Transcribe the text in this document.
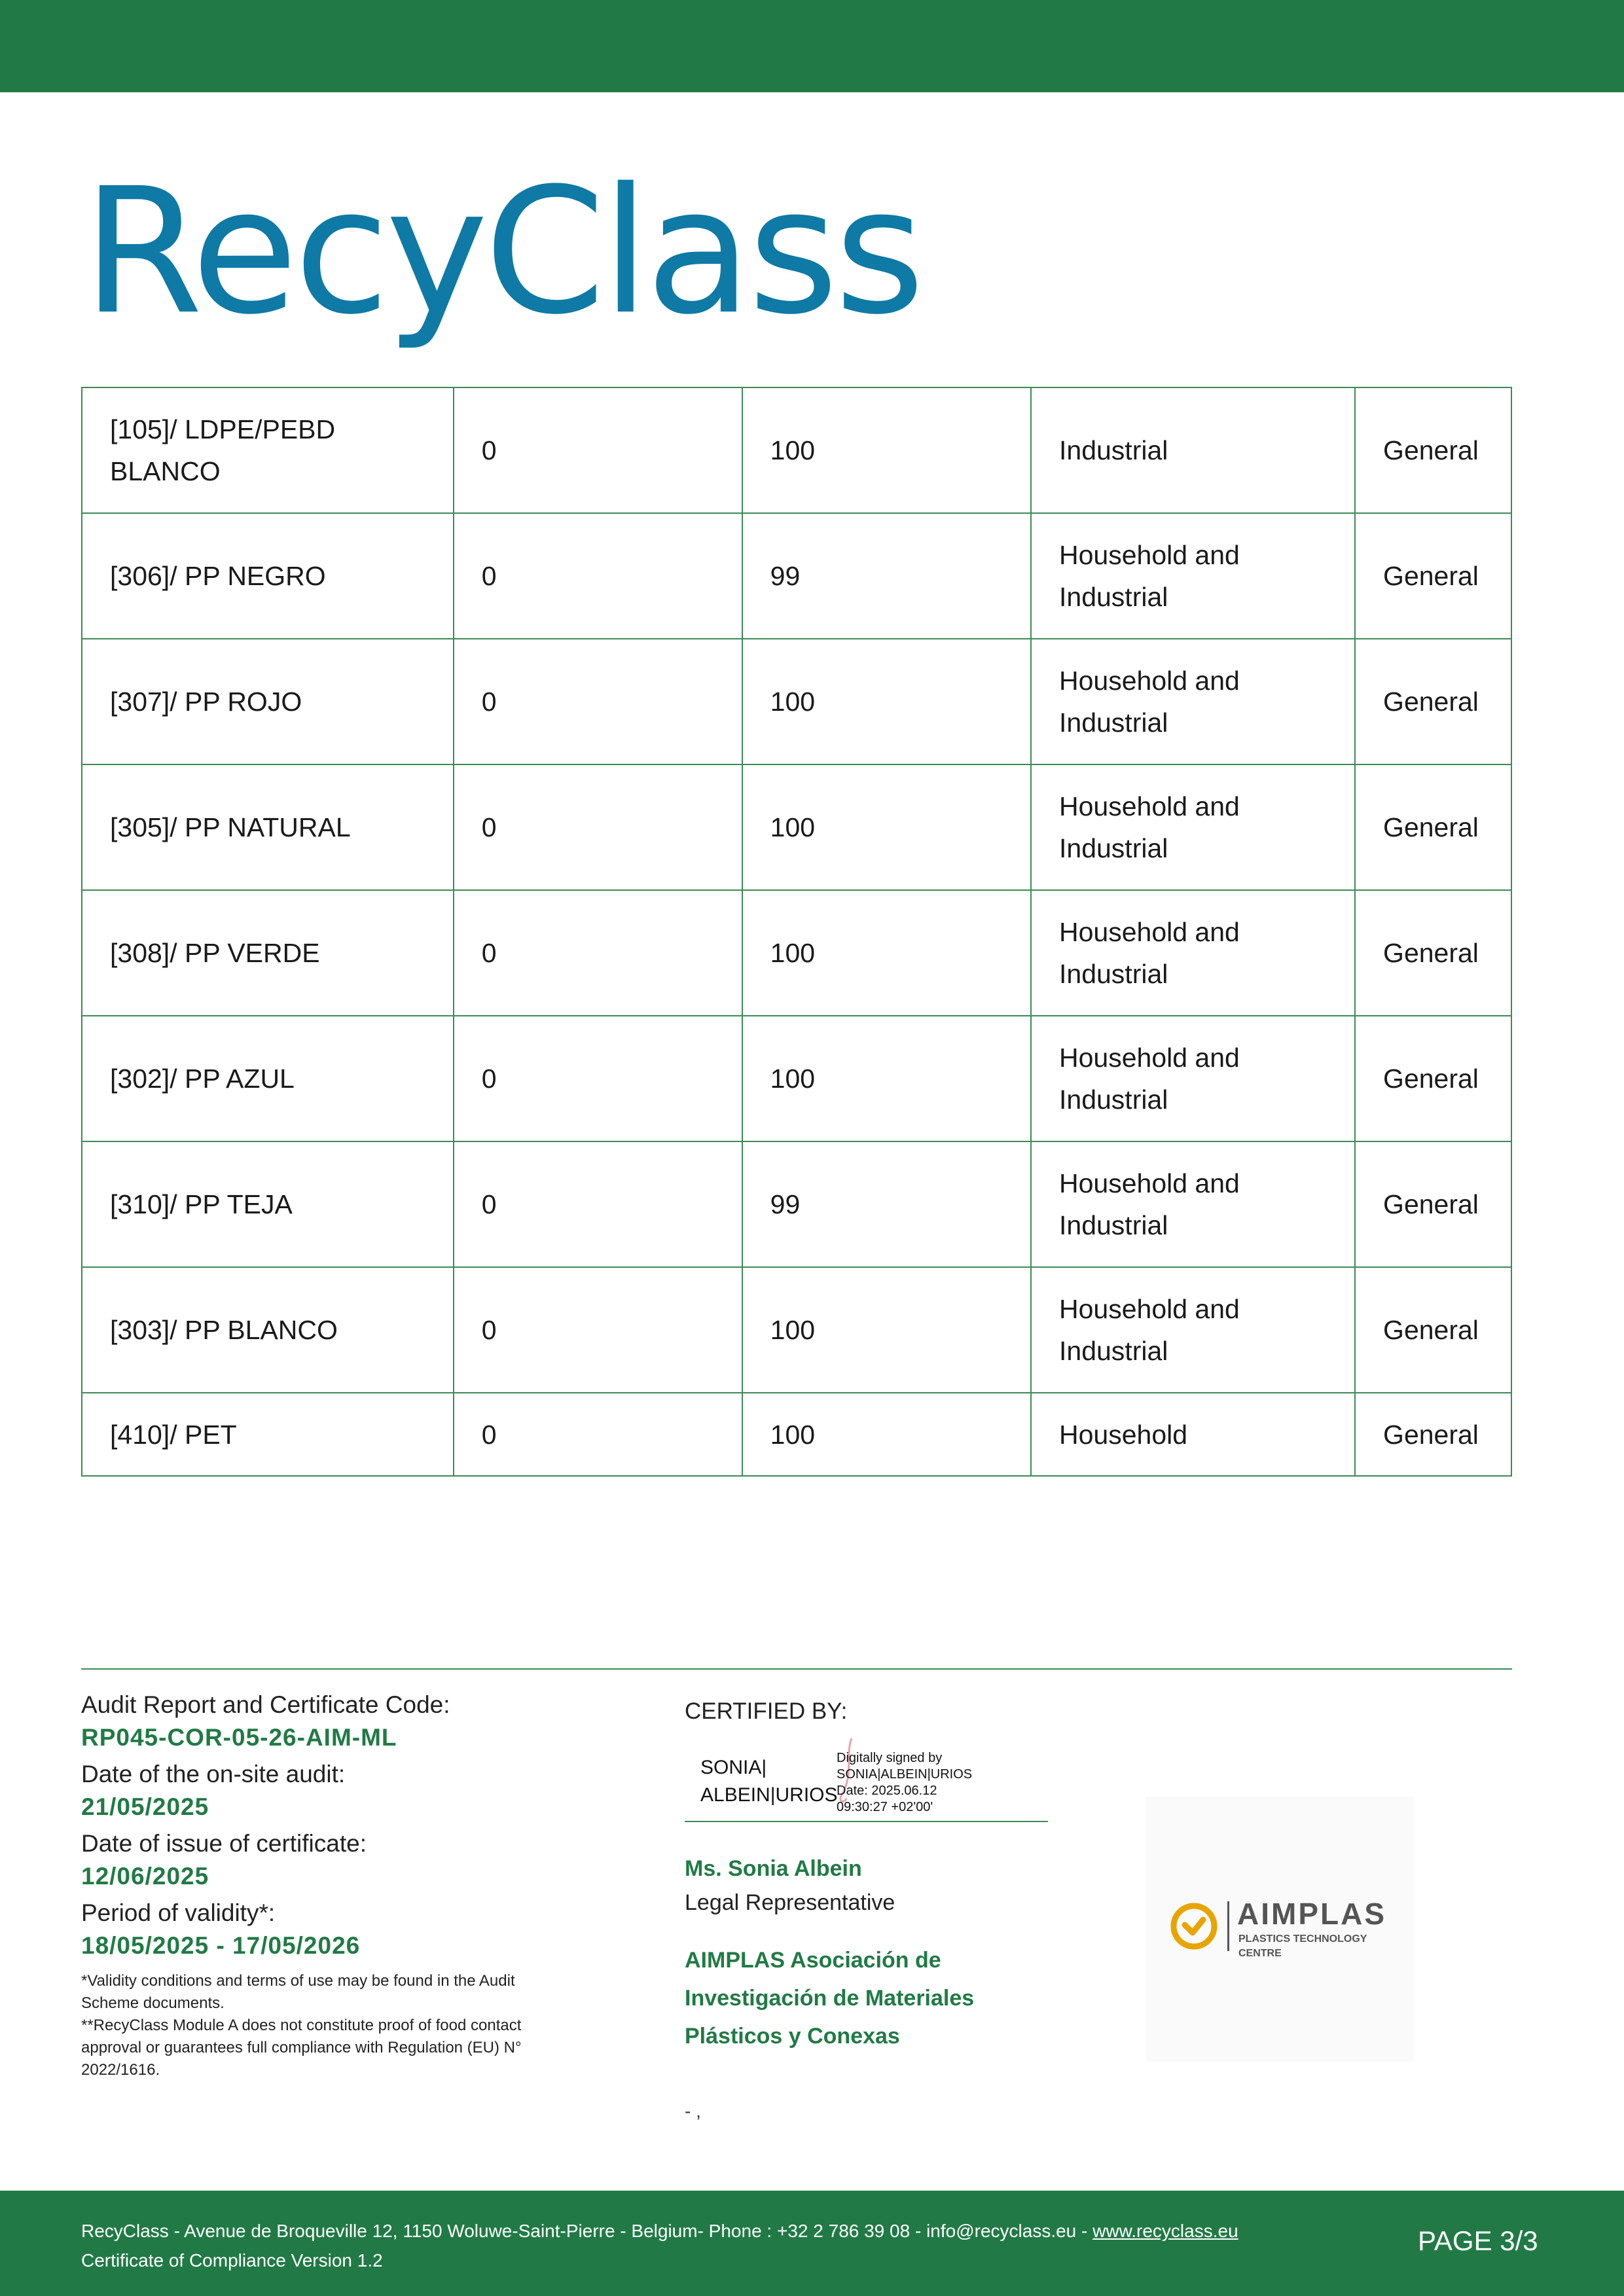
RecyClass
[105]/ LDPE/PEBD BLANCO	0	100	Industrial	General
[306]/ PP NEGRO	0	99	Household and Industrial	General
[307]/ PP ROJO	0	100	Household and Industrial	General
[305]/ PP NATURAL	0	100	Household and Industrial	General
[308]/ PP VERDE	0	100	Household and Industrial	General
[302]/ PP AZUL	0	100	Household and Industrial	General
[310]/ PP TEJA	0	99	Household and Industrial	General
[303]/ PP BLANCO	0	100	Household and Industrial	General
[410]/ PET	0	100	Household	General
Audit Report and Certificate Code:
RP045-COR-05-26-AIM-ML
Date of the on-site audit:
21/05/2025
Date of issue of certificate:
12/06/2025
Period of validity*:
18/05/2025 - 17/05/2026
*Validity conditions and terms of use may be found in the Audit Scheme documents.
**RecyClass Module A does not constitute proof of food contact approval or guarantees full compliance with Regulation (EU) N° 2022/1616.
CERTIFIED BY:
SONIA|
ALBEIN|URIOS
Digitally signed by
SONIA|ALBEIN|URIOS
Date: 2025.06.12
09:30:27 +02'00'
Ms. Sonia Albein
Legal Representative
AIMPLAS Asociación de Investigación de Materiales Plásticos y Conexas
- ,
AIMPLAS
PLASTICS TECHNOLOGY CENTRE
RecyClass - Avenue de Broqueville 12, 1150 Woluwe-Saint-Pierre - Belgium- Phone : +32 2 786 39 08 - info@recyclass.eu - www.recyclass.eu
Certificate of Compliance Version 1.2
PAGE 3/3
